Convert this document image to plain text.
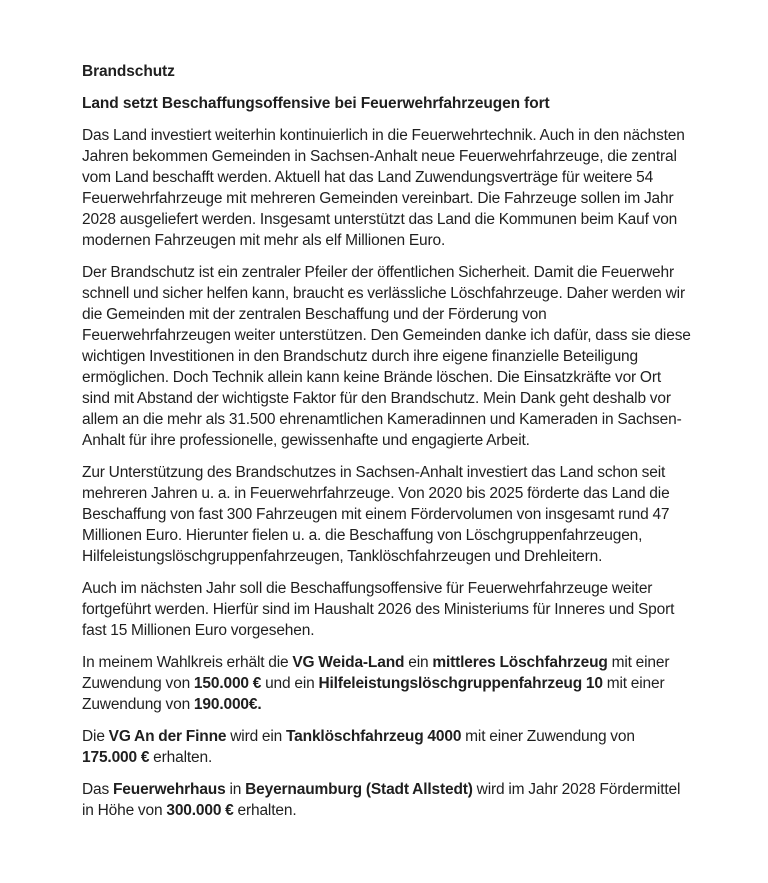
Brandschutz
Land setzt Beschaffungsoffensive bei Feuerwehrfahrzeugen fort

Das Land investiert weiterhin kontinuierlich in die Feuerwehrtechnik. Auch in den nächsten Jahren bekommen Gemeinden in Sachsen-Anhalt neue Feuerwehrfahrzeuge, die zentral vom Land beschafft werden. Aktuell hat das Land Zuwendungsverträge für weitere 54 Feuerwehrfahrzeuge mit mehreren Gemeinden vereinbart. Die Fahrzeuge sollen im Jahr 2028 ausgeliefert werden. Insgesamt unterstützt das Land die Kommunen beim Kauf von modernen Fahrzeugen mit mehr als elf Millionen Euro.

Der Brandschutz ist ein zentraler Pfeiler der öffentlichen Sicherheit. Damit die Feuerwehr schnell und sicher helfen kann, braucht es verlässliche Löschfahrzeuge. Daher werden wir die Gemeinden mit der zentralen Beschaffung und der Förderung von Feuerwehrfahrzeugen weiter unterstützen. Den Gemeinden danke ich dafür, dass sie diese wichtigen Investitionen in den Brandschutz durch ihre eigene finanzielle Beteiligung ermöglichen. Doch Technik allein kann keine Brände löschen. Die Einsatzkräfte vor Ort sind mit Abstand der wichtigste Faktor für den Brandschutz. Mein Dank geht deshalb vor allem an die mehr als 31.500 ehrenamtlichen Kameradinnen und Kameraden in Sachsen-Anhalt für ihre professionelle, gewissenhafte und engagierte Arbeit.

Zur Unterstützung des Brandschutzes in Sachsen-Anhalt investiert das Land schon seit mehreren Jahren u. a. in Feuerwehrfahrzeuge. Von 2020 bis 2025 förderte das Land die Beschaffung von fast 300 Fahrzeugen mit einem Fördervolumen von insgesamt rund 47 Millionen Euro. Hierunter fielen u. a. die Beschaffung von Löschgruppenfahrzeugen, Hilfeleistungslöschgruppenfahrzeugen, Tanklöschfahrzeugen und Drehleitern.

Auch im nächsten Jahr soll die Beschaffungsoffensive für Feuerwehrfahrzeuge weiter fortgeführt werden. Hierfür sind im Haushalt 2026 des Ministeriums für Inneres und Sport fast 15 Millionen Euro vorgesehen.

In meinem Wahlkreis erhält die VG Weida-Land ein mittleres Löschfahrzeug mit einer Zuwendung von 150.000 € und ein Hilfeleistungslöschgruppenfahrzeug 10 mit einer Zuwendung von 190.000€.

Die VG An der Finne wird ein Tanklöschfahrzeug 4000 mit einer Zuwendung von 175.000 € erhalten.

Das Feuerwehrhaus in Beyernaumburg (Stadt Allstedt) wird im Jahr 2028 Fördermittel in Höhe von 300.000 € erhalten.
